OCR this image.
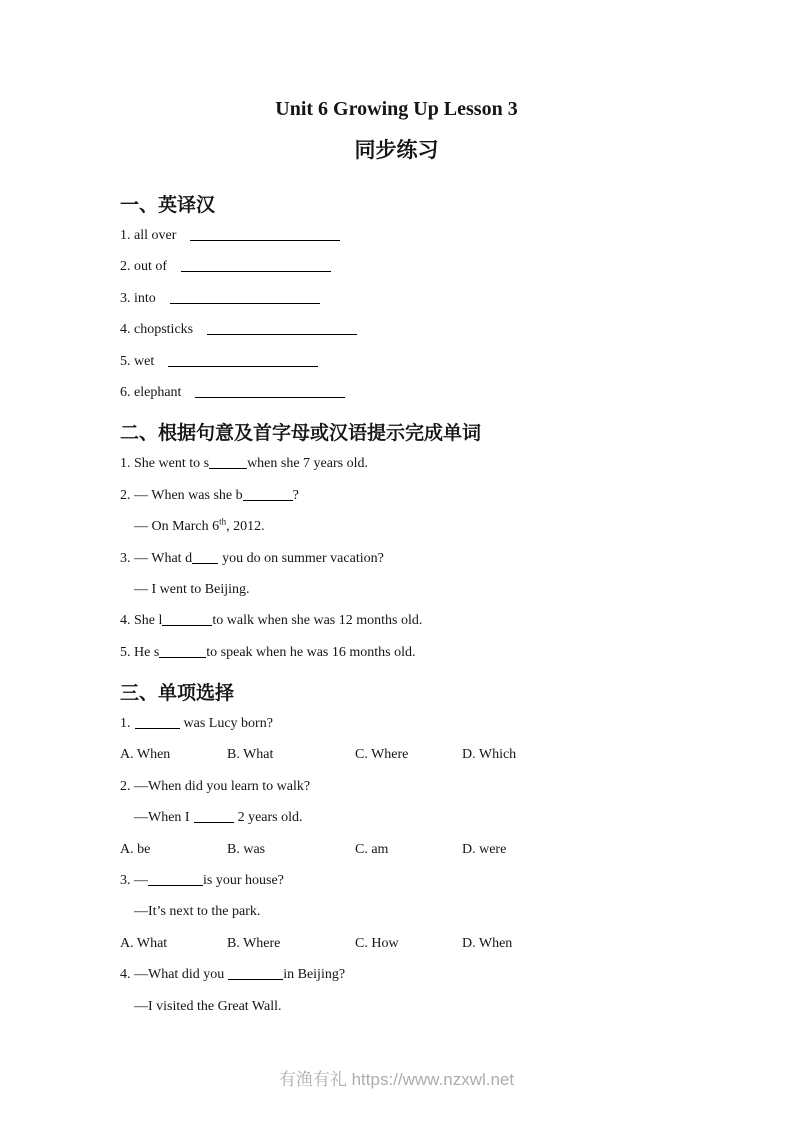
Unit 6 Growing Up Lesson 3
同步练习
一、英译汉
1. all over
2. out of
3. into
4. chopsticks
5. wet
6. elephant
二、根据句意及首字母或汉语提示完成单词
1. She went to s	when she 7 years old.
2. — When was she b	?
— On March 6th, 2012.
3. — What d you do on summer vacation?
— I went to Beijing.
4. She l	to walk when she was 12 months old.
5. He s	to speak when he was 16 months old.
三、单项选择
1.	was Lucy born?
A. When	B. What	C. Where	D. Which
2. —When did you learn to walk?
—When I	2 years old.
A. be	B. was	C. am	D. were
3. —	is your house?
—It’s next to the park.
A. What	B. Where	C. How	D. When
4. —What did you	in Beijing?
—I visited the Great Wall.
有渔有礼 https://www.nzxwl.net
